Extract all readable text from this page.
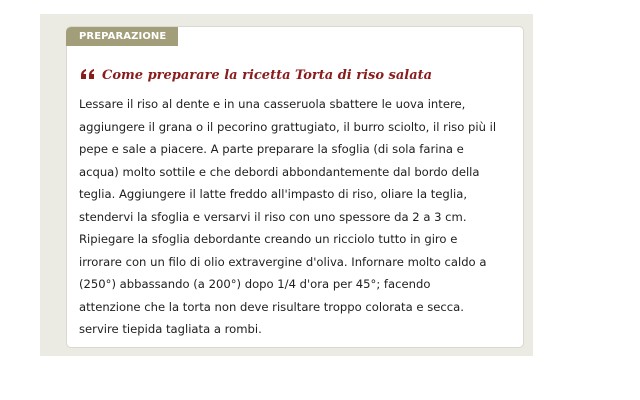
PREPARAZIONE
Come preparare la ricetta Torta di riso salata

Lessare il riso al dente e in una casseruola sbattere le uova intere,
aggiungere il grana o il pecorino grattugiato, il burro sciolto, il riso più il
pepe e sale a piacere. A parte preparare la sfoglia (di sola farina e
acqua) molto sottile e che debordi abbondantemente dal bordo della
teglia. Aggiungere il latte freddo all'impasto di riso, oliare la teglia,
stendervi la sfoglia e versarvi il riso con uno spessore da 2 a 3 cm.
Ripiegare la sfoglia debordante creando un ricciolo tutto in giro e
irrorare con un filo di olio extravergine d'oliva. Infornare molto caldo a
(250°) abbassando (a 200°) dopo 1/4 d'ora per 45°; facendo
attenzione che la torta non deve risultare troppo colorata e secca.
servire tiepida tagliata a rombi.
